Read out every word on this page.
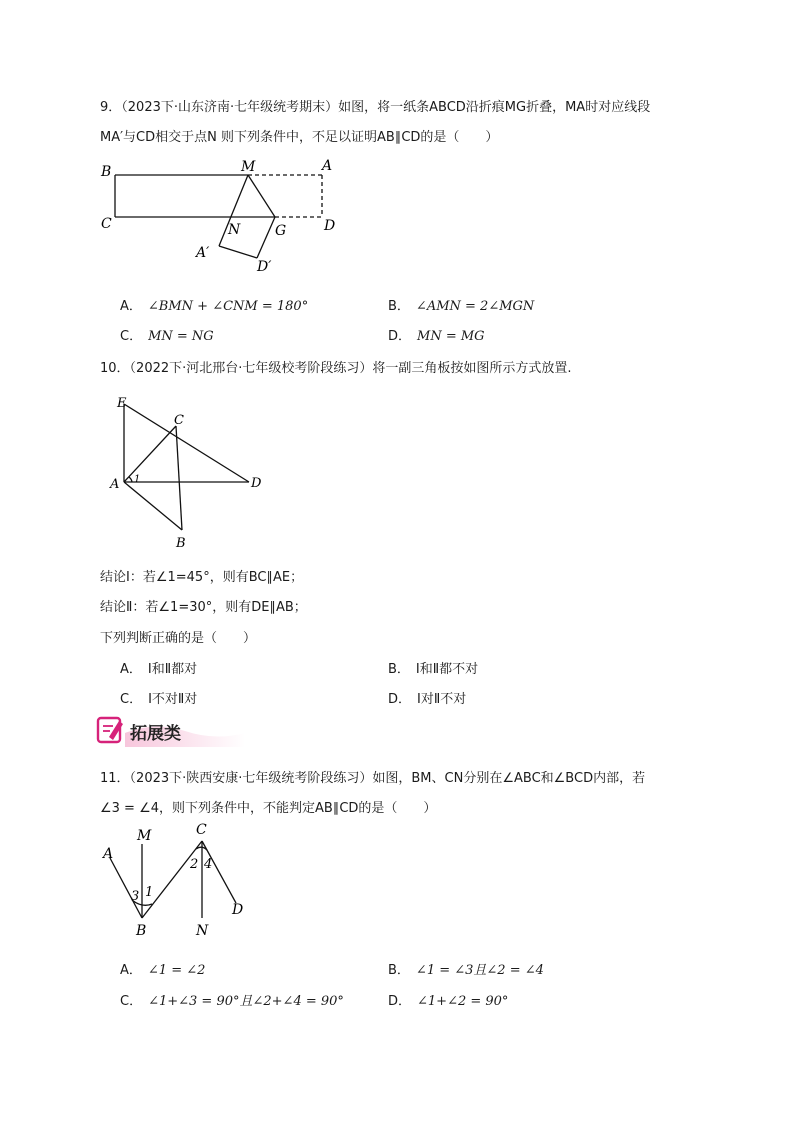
9．（2023下·山东济南·七年级统考期末）如图，将一纸条ABCD沿折痕MG折叠，MA时对应线段
MA′与CD相交于点N 则下列条件中，不足以证明AB∥CD的是（　　）
B	M	A
C	N G	D
A′
D′
A． ∠BMN + ∠CNM = 180°	B． ∠AMN = 2∠MGN
C． MN = NG	D． MN = MG
10．（2022下·河北邢台·七年级校考阶段练习）将一副三角板按如图所示方式放置.
E
C
A 1	D
B
结论Ⅰ：若∠1=45°，则有BC∥AE；
结论Ⅱ：若∠1=30°，则有DE∥AB；
下列判断正确的是（　　）
A． Ⅰ和Ⅱ都对	B． Ⅰ和Ⅱ都不对
C． Ⅰ不对Ⅱ对	D． Ⅰ对Ⅱ不对
拓展类
11．（2023下·陕西安康·七年级统考阶段练习）如图，BM、CN分别在∠ABC和∠BCD内部，若
∠3 = ∠4，则下列条件中，不能判定AB∥CD的是（　　）
A
M	C
3 1
2 4
D
B	N
A． ∠1 = ∠2	B． ∠1 = ∠3且∠2 = ∠4
C． ∠1+∠3 = 90°且∠2+∠4 = 90°	D． ∠1+∠2 = 90°
